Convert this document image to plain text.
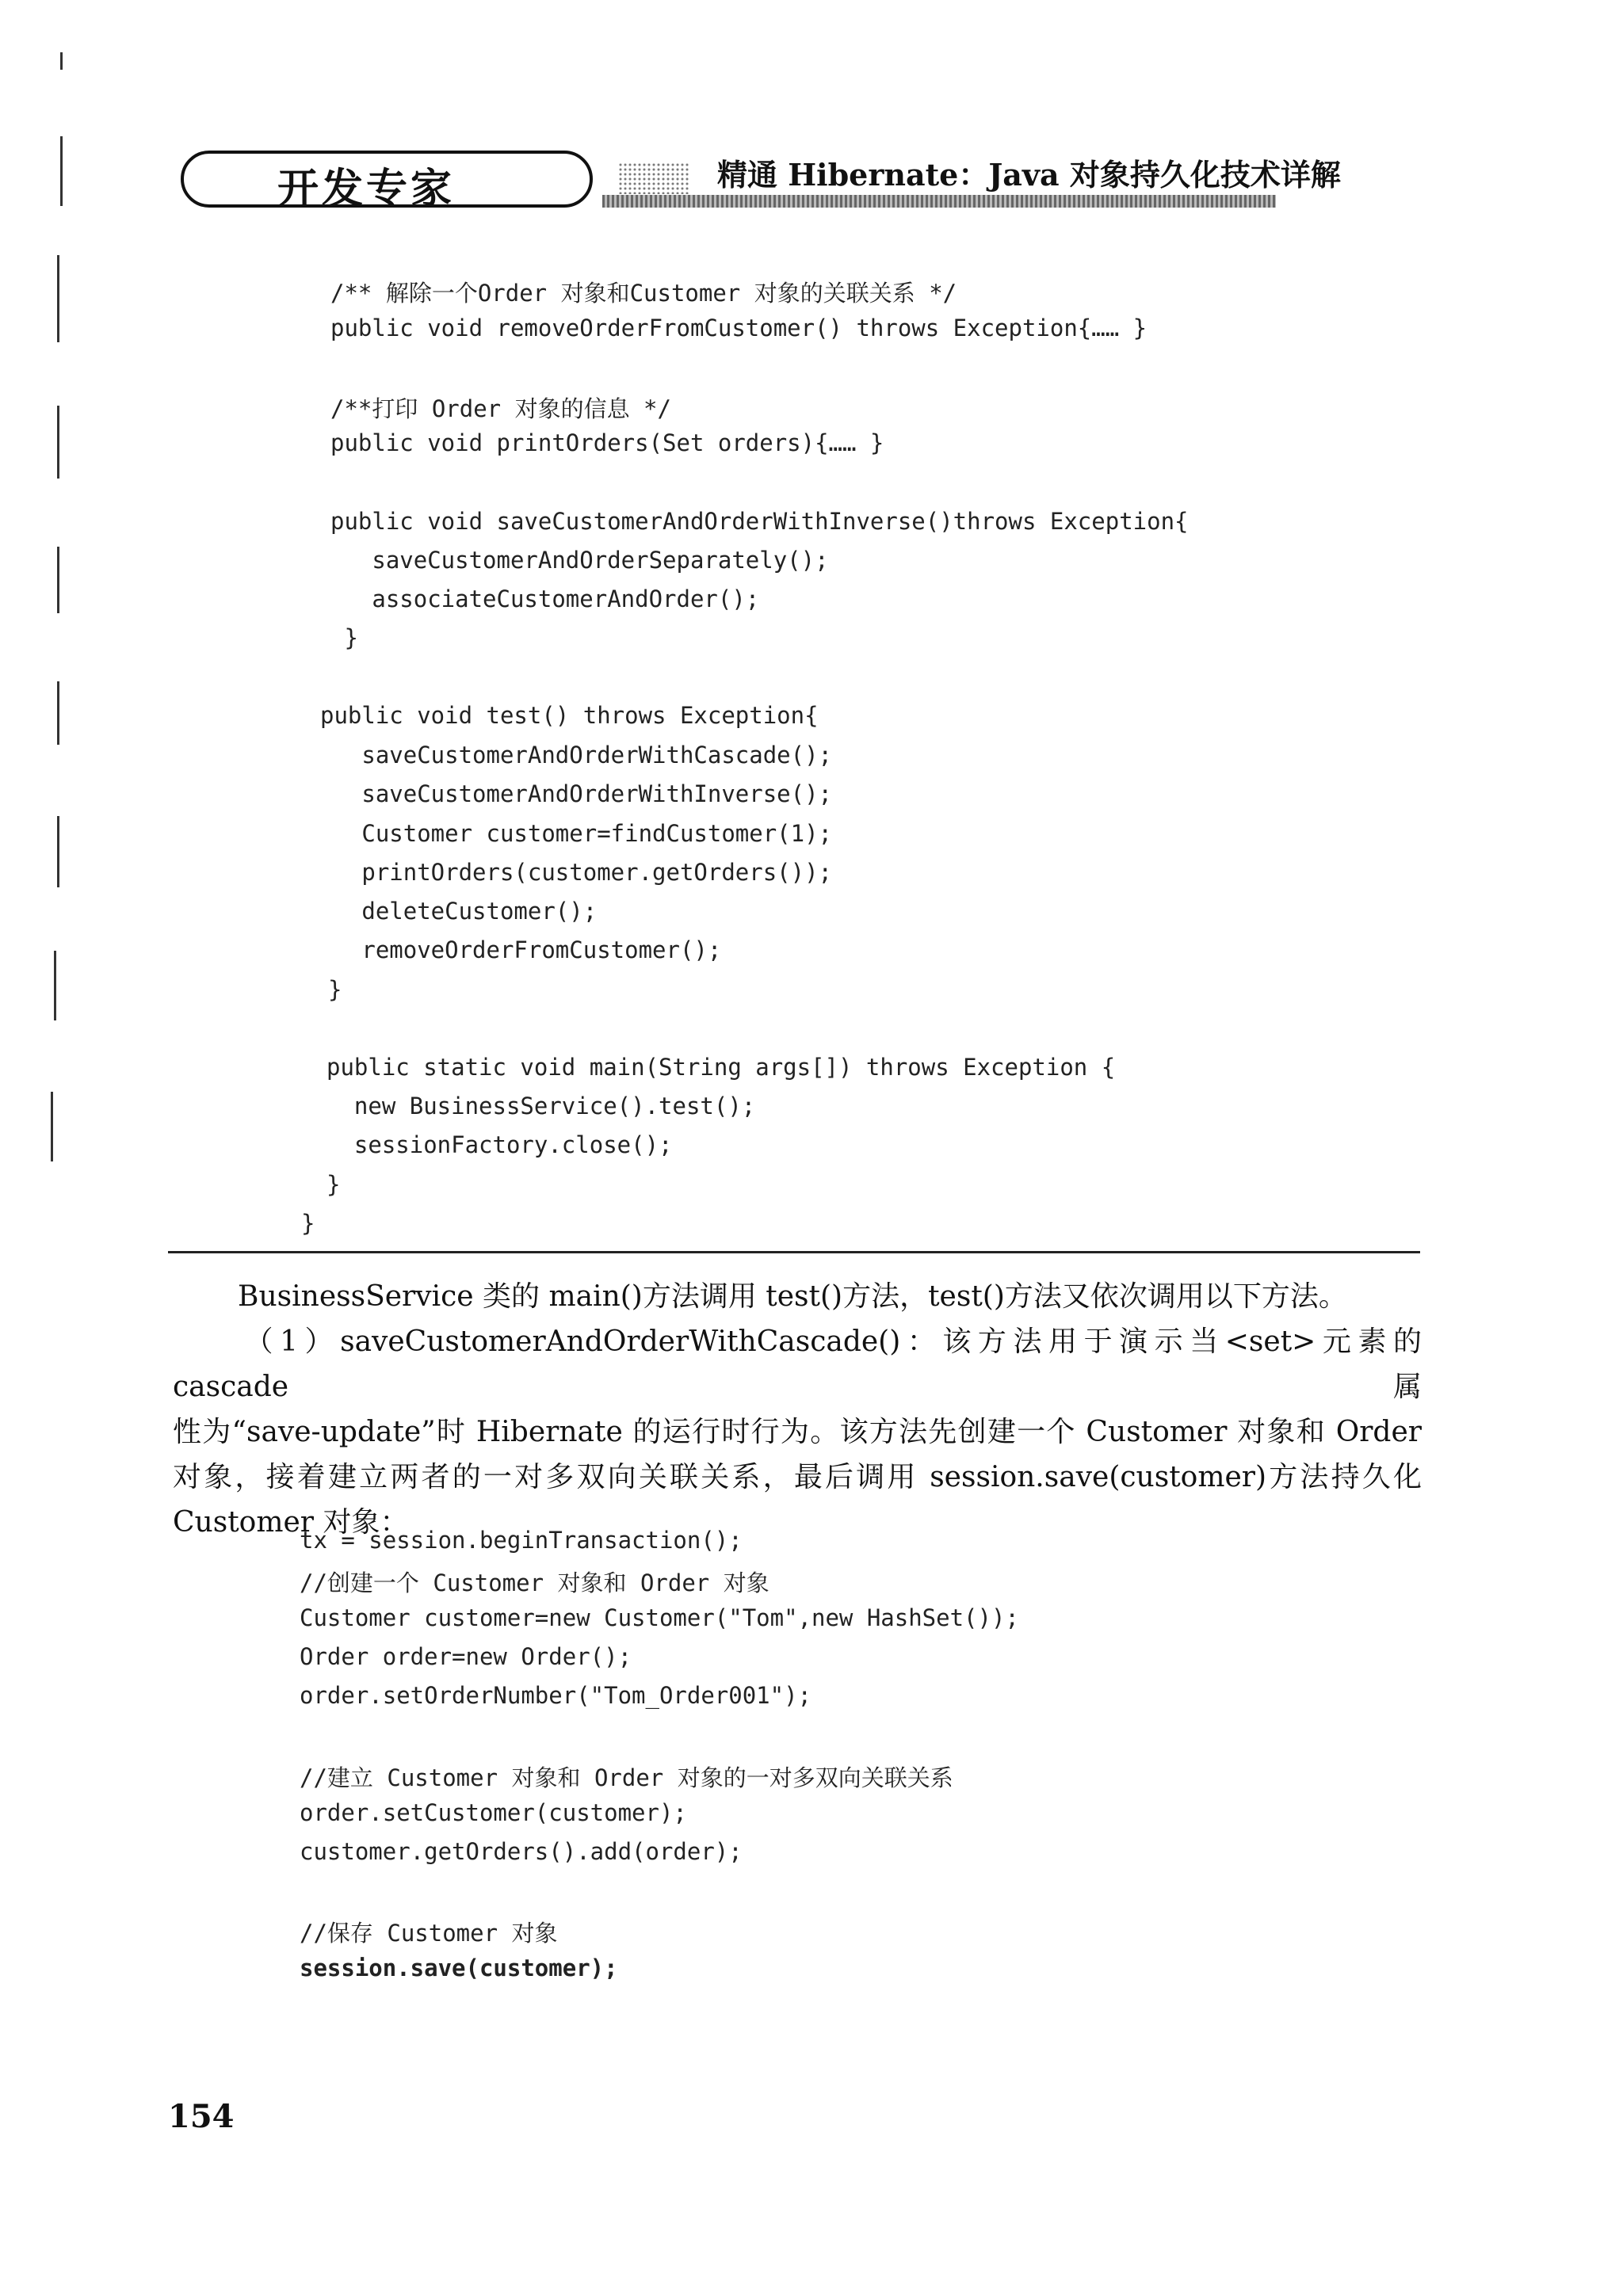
开发专家	精通 Hibernate：Java 对象持久化技术详解
/** 解除一个Order 对象和Customer 对象的关联关系 */
public void removeOrderFromCustomer() throws Exception{…… }
/**打印 Order 对象的信息 */
public void printOrders(Set orders){…… }
public void saveCustomerAndOrderWithInverse()throws Exception{
saveCustomerAndOrderSeparately();
associateCustomerAndOrder();
}
public void test() throws Exception{
saveCustomerAndOrderWithCascade();
saveCustomerAndOrderWithInverse();
Customer customer=findCustomer(1);
printOrders(customer.getOrders());
deleteCustomer();
removeOrderFromCustomer();
}
public static void main(String args[]) throws Exception {
new BusinessService().test();
sessionFactory.close();
}
}
BusinessService 类的 main()方法调用 test()方法，test()方法又依次调用以下方法。
（1）saveCustomerAndOrderWithCascade()：该方法用于演示当<set>元素的 cascade 属
性为“save-update”时 Hibernate 的运行时行为。该方法先创建一个 Customer 对象和 Order
对象，接着建立两者的一对多双向关联关系，最后调用 session.save(customer)方法持久化
Customer 对象：
tx = session.beginTransaction();
//创建一个 Customer 对象和 Order 对象
Customer customer=new Customer("Tom",new HashSet());
Order order=new Order();
order.setOrderNumber("Tom_Order001");
//建立 Customer 对象和 Order 对象的一对多双向关联关系
order.setCustomer(customer);
customer.getOrders().add(order);
//保存 Customer 对象
session.save(customer);
154
